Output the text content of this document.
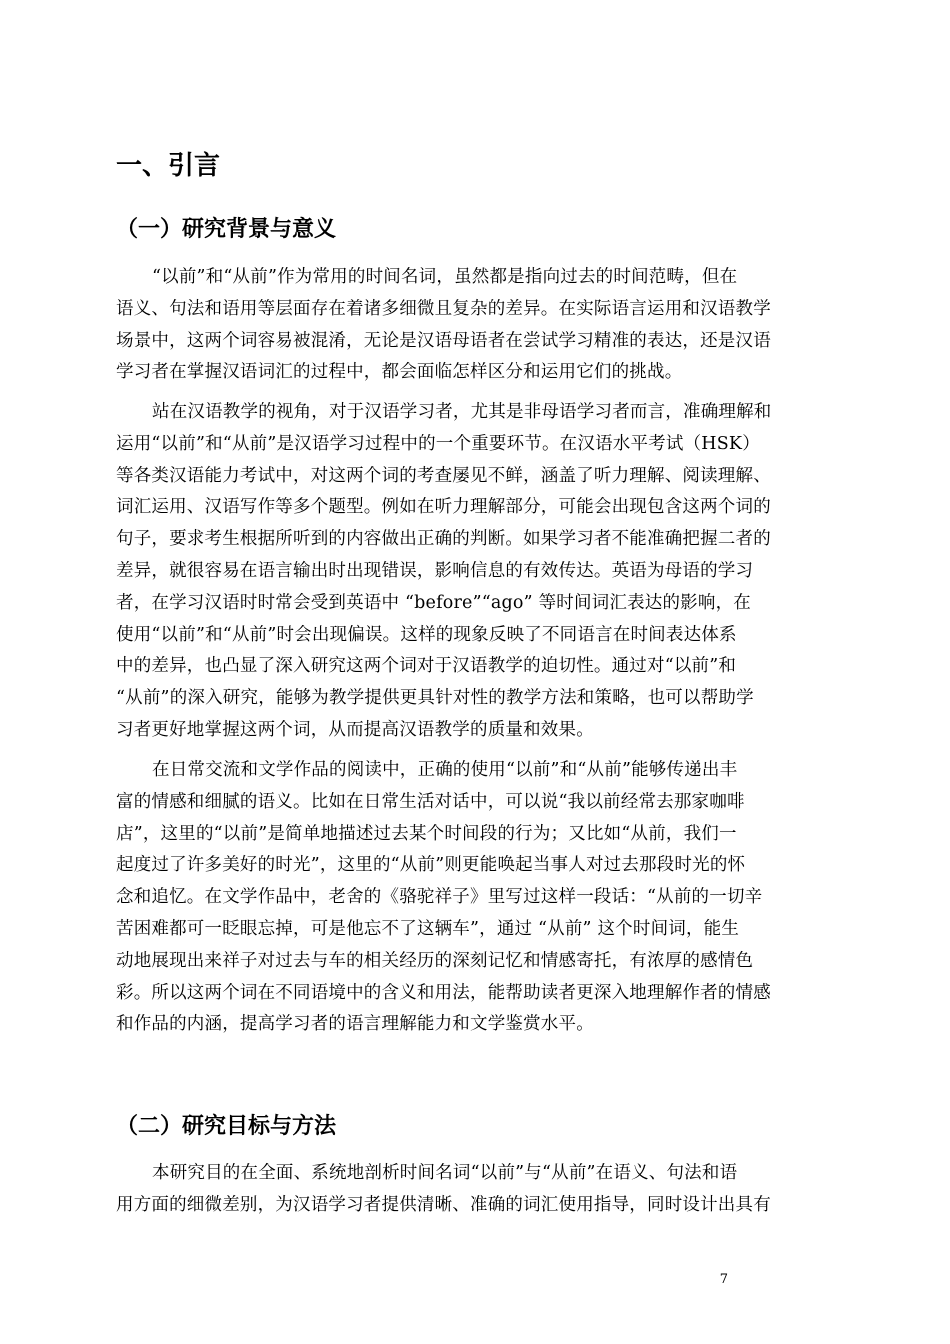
一、引言
（一）研究背景与意义
“以前”和“从前”作为常用的时间名词，虽然都是指向过去的时间范畴，但在
语义、句法和语用等层面存在着诸多细微且复杂的差异。在实际语言运用和汉语教学
场景中，这两个词容易被混淆，无论是汉语母语者在尝试学习精准的表达，还是汉语
学习者在掌握汉语词汇的过程中，都会面临怎样区分和运用它们的挑战。
站在汉语教学的视角，对于汉语学习者，尤其是非母语学习者而言，准确理解和
运用“以前”和“从前”是汉语学习过程中的一个重要环节。在汉语水平考试（HSK）
等各类汉语能力考试中，对这两个词的考查屡见不鲜，涵盖了听力理解、阅读理解、
词汇运用、汉语写作等多个题型。例如在听力理解部分，可能会出现包含这两个词的
句子，要求考生根据所听到的内容做出正确的判断。如果学习者不能准确把握二者的
差异，就很容易在语言输出时出现错误，影响信息的有效传达。英语为母语的学习
者，在学习汉语时时常会受到英语中 “before”“ago” 等时间词汇表达的影响，在
使用“以前”和“从前”时会出现偏误。这样的现象反映了不同语言在时间表达体系
中的差异，也凸显了深入研究这两个词对于汉语教学的迫切性。通过对“以前”和
“从前”的深入研究，能够为教学提供更具针对性的教学方法和策略，也可以帮助学
习者更好地掌握这两个词，从而提高汉语教学的质量和效果。
在日常交流和文学作品的阅读中，正确的使用“以前”和“从前”能够传递出丰
富的情感和细腻的语义。比如在日常生活对话中，可以说“我以前经常去那家咖啡
店”，这里的“以前”是简单地描述过去某个时间段的行为；又比如“从前，我们一
起度过了许多美好的时光”，这里的“从前”则更能唤起当事人对过去那段时光的怀
念和追忆。在文学作品中，老舍的《骆驼祥子》里写过这样一段话：“从前的一切辛
苦困难都可一眨眼忘掉，可是他忘不了这辆车”，通过 “从前” 这个时间词，能生
动地展现出来祥子对过去与车的相关经历的深刻记忆和情感寄托，有浓厚的感情色
彩。所以这两个词在不同语境中的含义和用法，能帮助读者更深入地理解作者的情感
和作品的内涵，提高学习者的语言理解能力和文学鉴赏水平。
（二）研究目标与方法
本研究目的在全面、系统地剖析时间名词“以前”与“从前”在语义、句法和语
用方面的细微差别，为汉语学习者提供清晰、准确的词汇使用指导，同时设计出具有
7
